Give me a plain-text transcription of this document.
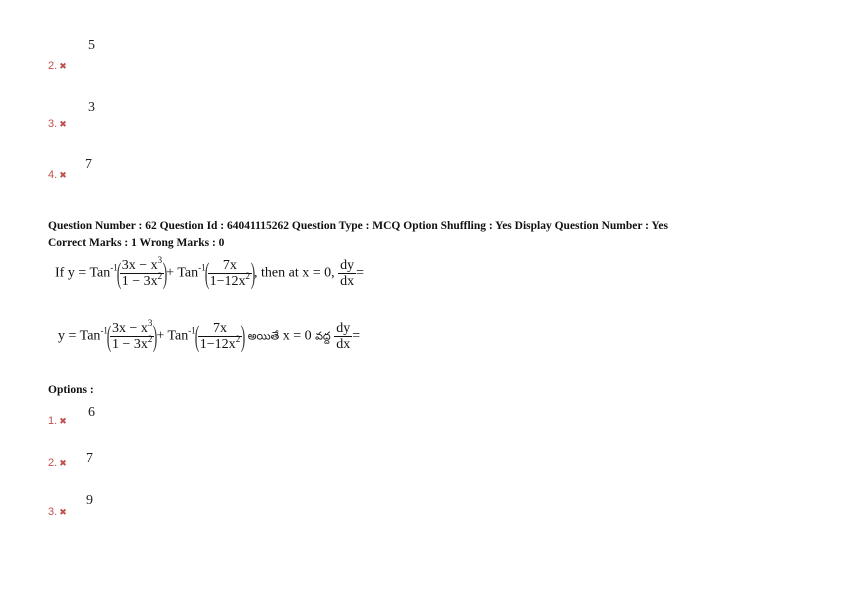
5
2. ✖
3
3. ✖
7
4. ✖
Question Number : 62 Question Id : 64041115262 Question Type : MCQ Option Shuffling : Yes Display Question Number : Yes
Correct Marks : 1 Wrong Marks : 0
If y = Tan$^{-1}$(
$\frac{3x - x^3}{1 - 3x^2}$
)+ Tan$^{-1}$(
$\frac{7x}{1-12x^2}$
), then at x = 0, $\frac{dy}{dx}$ =
y = Tan$^{-1}$(
$\frac{3x - x^3}{1 - 3x^2}$
)+ Tan$^{-1}$(
$\frac{7x}{1-12x^2}$
) అయితే x = 0 వద్ద $\frac{dy}{dx}$ =
Options :
6
1. ✖
7
2. ✖
9
3. ✖
